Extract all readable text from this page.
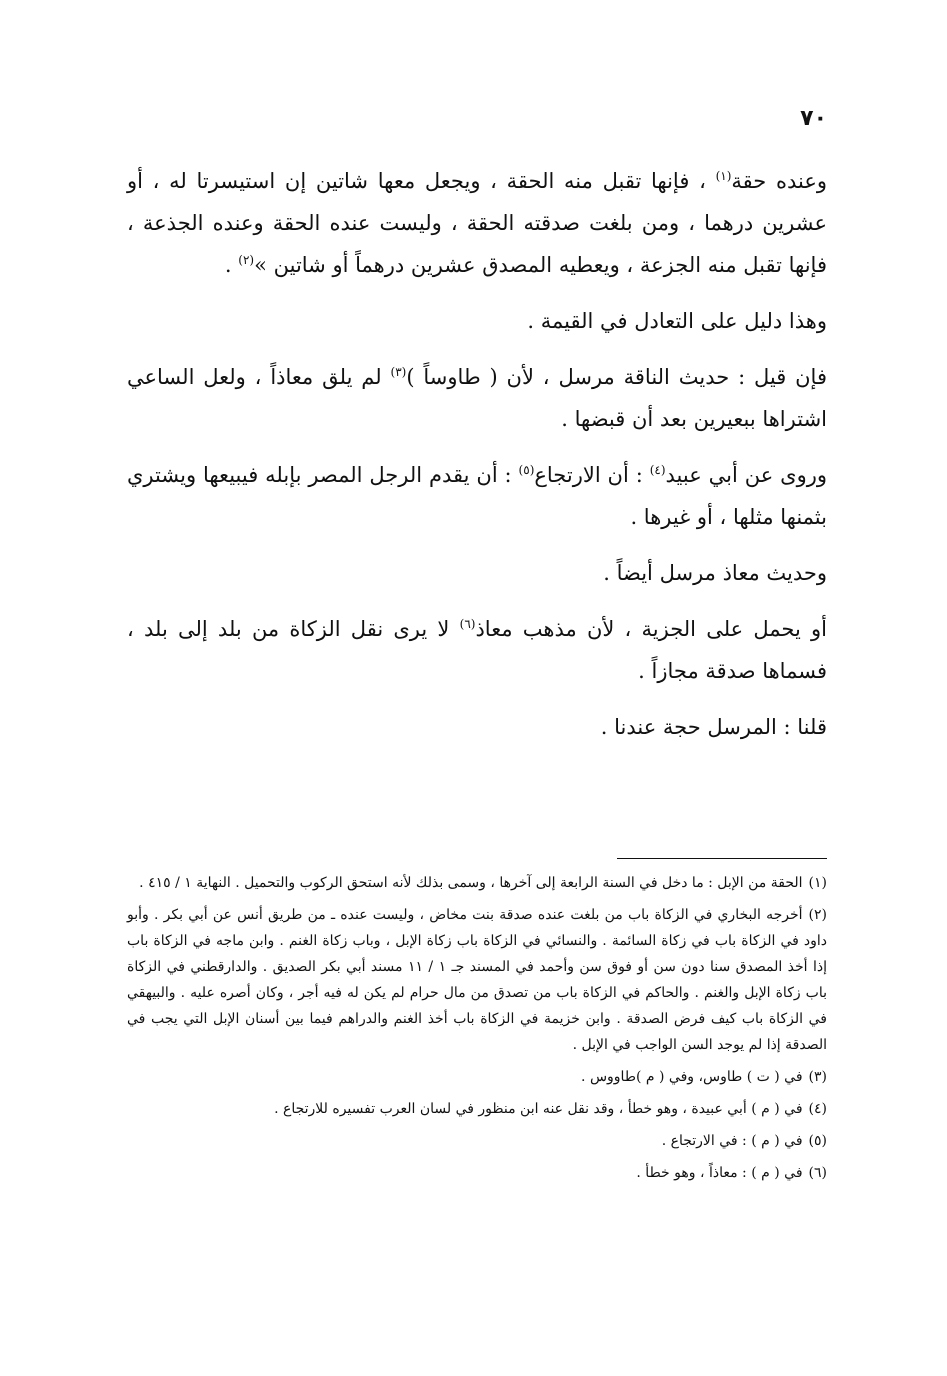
٧٠

وعنده حقة$^{(١)}$ ، فإنها تقبل منه الحقة ، ويجعل معها شاتين إن استيسرتا له ، أو عشرين درهما ، ومن بلغت صدقته الحقة ، وليست عنده الحقة وعنده الجذعة ، فإنها تقبل منه الجزعة ، ويعطيه المصدق عشرين درهماً أو شاتين »$^{(٢)}$ .

وهذا دليل على التعادل في القيمة .

فإن قيل : حديث الناقة مرسل ، لأن ( طاوساً )$^{(٣)}$ لم يلق معاذاً ، ولعل الساعي اشتراها ببعيرين بعد أن قبضها .

وروى عن أبي عبيد$^{(٤)}$ : أن الارتجاع$^{(٥)}$ : أن يقدم الرجل المصر بإبله فيبيعها ويشتري بثمنها مثلها ، أو غيرها .

وحديث معاذ مرسل أيضاً .

أو يحمل على الجزية ، لأن مذهب معاذ$^{(٦)}$ لا يرى نقل الزكاة من بلد إلى بلد ، فسماها صدقة مجازاً .

قلنا : المرسل حجة عندنا .

(١)الحقة من الإبل : ما دخل في السنة الرابعة إلى آخرها ، وسمى بذلك لأنه استحق الركوب والتحميل . النهاية ١ / ٤١٥ .
(٢)أخرجه البخاري في الزكاة باب من بلغت عنده صدقة بنت مخاض ، وليست عنده ـ من طريق أنس عن أبي بكر . وأبو داود في الزكاة باب في زكاة السائمة . والنسائي في الزكاة باب زكاة الإبل ، وباب زكاة الغنم . وابن ماجه في الزكاة باب إذا أخذ المصدق سنا دون سن أو فوق سن وأحمد في المسند جـ ١ / ١١ مسند أبي بكر الصديق . والدارقطني في الزكاة باب زكاة الإبل والغنم . والحاكم في الزكاة باب من تصدق من مال حرام لم يكن له فيه أجر ، وكان أصره عليه . والبيهقي في الزكاة باب كيف فرض الصدقة . وابن خزيمة في الزكاة باب أخذ الغنم والدراهم فيما بين أسنان الإبل التي يجب في الصدقة إذا لم يوجد السن الواجب في الإبل .
(٣)في ( ت ) طاوس، وفي ( م )طاووس .
(٤)في ( م ) أبي عبيدة ، وهو خطأ ، وقد نقل عنه ابن منظور في لسان العرب تفسيره للارتجاع .
(٥)في ( م ) : في الارتجاع .
(٦)في ( م ) : معاذاً ، وهو خطأ .
